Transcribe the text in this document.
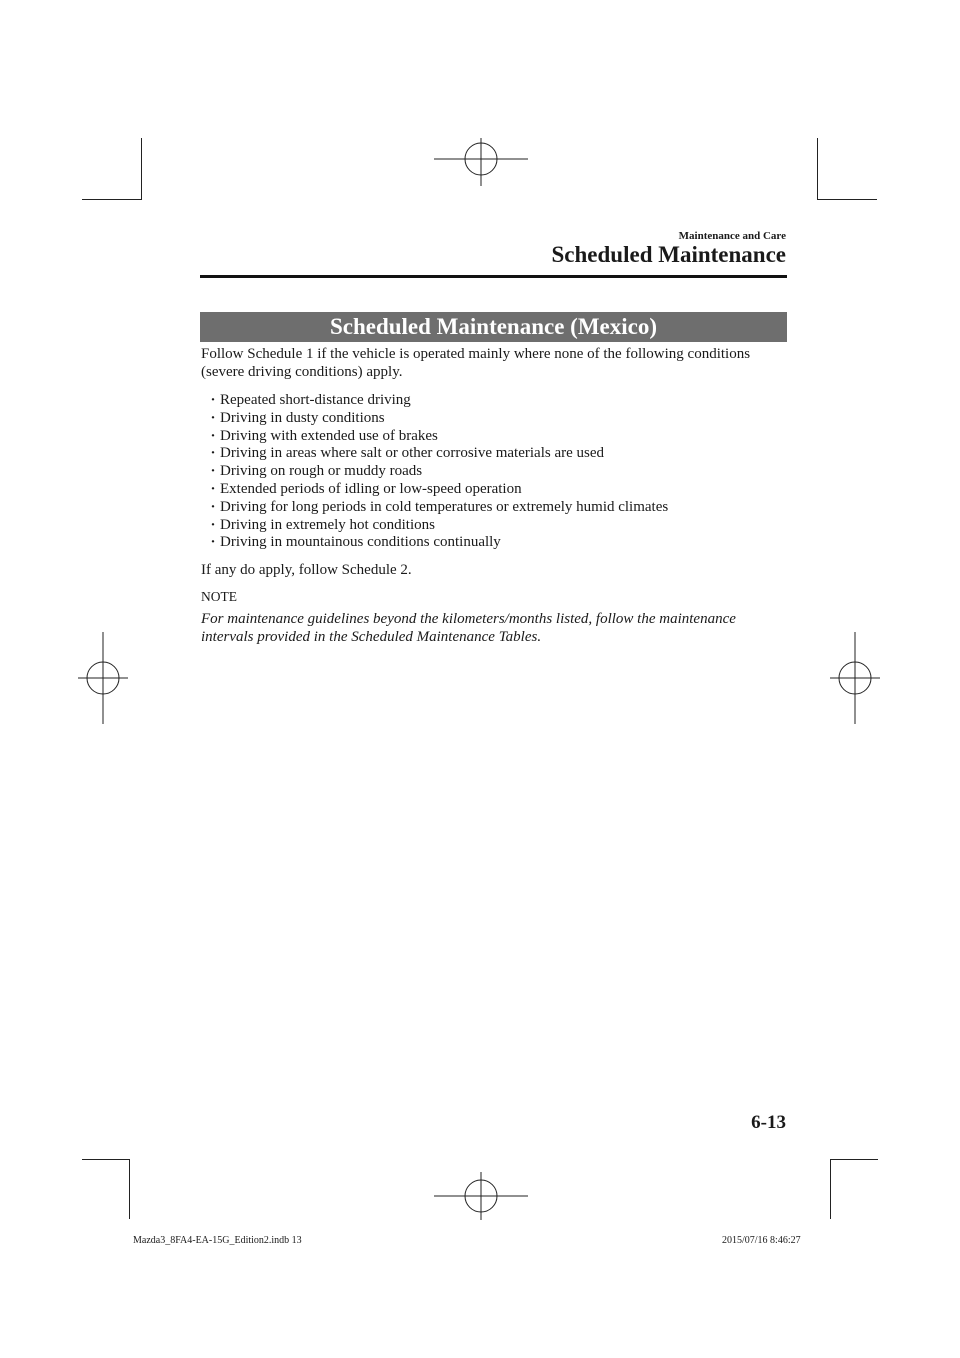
Maintenance and Care
Scheduled Maintenance
Scheduled Maintenance (Mexico)

Follow Schedule 1 if the vehicle is operated mainly where none of the following conditions (severe driving conditions) apply.

· Repeated short-distance driving
· Driving in dusty conditions
· Driving with extended use of brakes
· Driving in areas where salt or other corrosive materials are used
· Driving on rough or muddy roads
· Extended periods of idling or low-speed operation
· Driving for long periods in cold temperatures or extremely humid climates
· Driving in extremely hot conditions
· Driving in mountainous conditions continually

If any do apply, follow Schedule 2.

NOTE

For maintenance guidelines beyond the kilometers/months listed, follow the maintenance intervals provided in the Scheduled Maintenance Tables.

6-13
Mazda3_8FA4-EA-15G_Edition2.indb 13	2015/07/16 8:46:27
